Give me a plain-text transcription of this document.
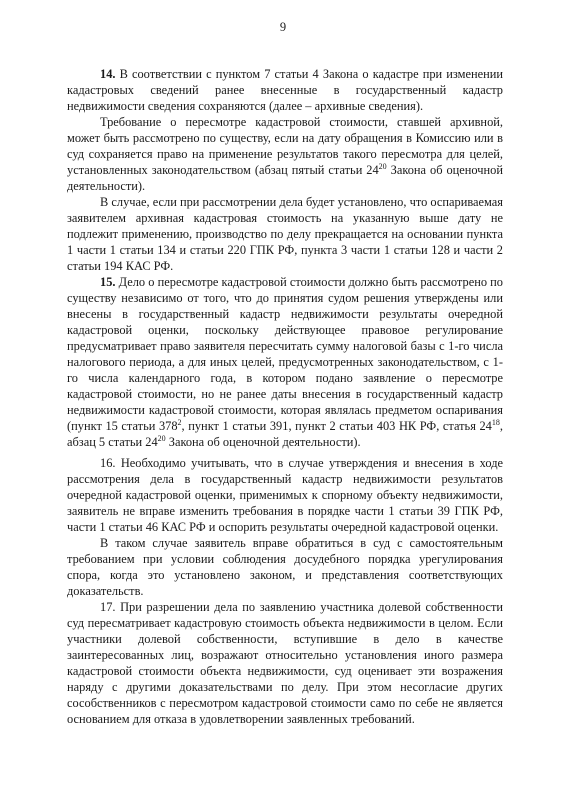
9

14. В соответствии с пунктом 7 статьи 4 Закона о кадастре при изменении кадастровых сведений ранее внесенные в государственный кадастр недвижимости сведения сохраняются (далее – архивные сведения).

Требование о пересмотре кадастровой стоимости, ставшей архивной, может быть рассмотрено по существу, если на дату обращения в Комиссию или в суд сохраняется право на применение результатов такого пересмотра для целей, установленных законодательством (абзац пятый статьи $24^{20}$ Закона об оценочной деятельности).

В случае, если при рассмотрении дела будет установлено, что оспариваемая заявителем архивная кадастровая стоимость на указанную выше дату не подлежит применению, производство по делу прекращается на основании пункта 1 части 1 статьи 134 и статьи 220 ГПК РФ, пункта 3 части 1 статьи 128 и части 2 статьи 194 КАС РФ.

15. Дело о пересмотре кадастровой стоимости должно быть рассмотрено по существу независимо от того, что до принятия судом решения утверждены или внесены в государственный кадастр недвижимости результаты очередной кадастровой оценки, поскольку действующее правовое регулирование предусматривает право заявителя пересчитать сумму налоговой базы с 1-го числа налогового периода, а для иных целей, предусмотренных законодательством, с 1-го числа календарного года, в котором подано заявление о пересмотре кадастровой стоимости, но не ранее даты внесения в государственный кадастр недвижимости кадастровой стоимости, которая являлась предметом оспаривания (пункт 15 статьи $378^2$, пункт 1 статьи 391, пункт 2 статьи 403 НК РФ, статья $24^{18}$, абзац 5 статьи $24^{20}$ Закона об оценочной деятельности).

16. Необходимо учитывать, что в случае утверждения и внесения в ходе рассмотрения дела в государственный кадастр недвижимости результатов очередной кадастровой оценки, применимых к спорному объекту недвижимости, заявитель не вправе изменить требования в порядке части 1 статьи 39 ГПК РФ, части 1 статьи 46 КАС РФ и оспорить результаты очередной кадастровой оценки.

В таком случае заявитель вправе обратиться в суд с самостоятельным требованием при условии соблюдения досудебного порядка урегулирования спора, когда это установлено законом, и представления соответствующих доказательств.

17. При разрешении дела по заявлению участника долевой собственности суд пересматривает кадастровую стоимость объекта недвижимости в целом. Если участники долевой собственности, вступившие в дело в качестве заинтересованных лиц, возражают относительно установления иного размера кадастровой стоимости объекта недвижимости, суд оценивает эти возражения наряду с другими доказательствами по делу. При этом несогласие других сособственников с пересмотром кадастровой стоимости само по себе не является основанием для отказа в удовлетворении заявленных требований.
